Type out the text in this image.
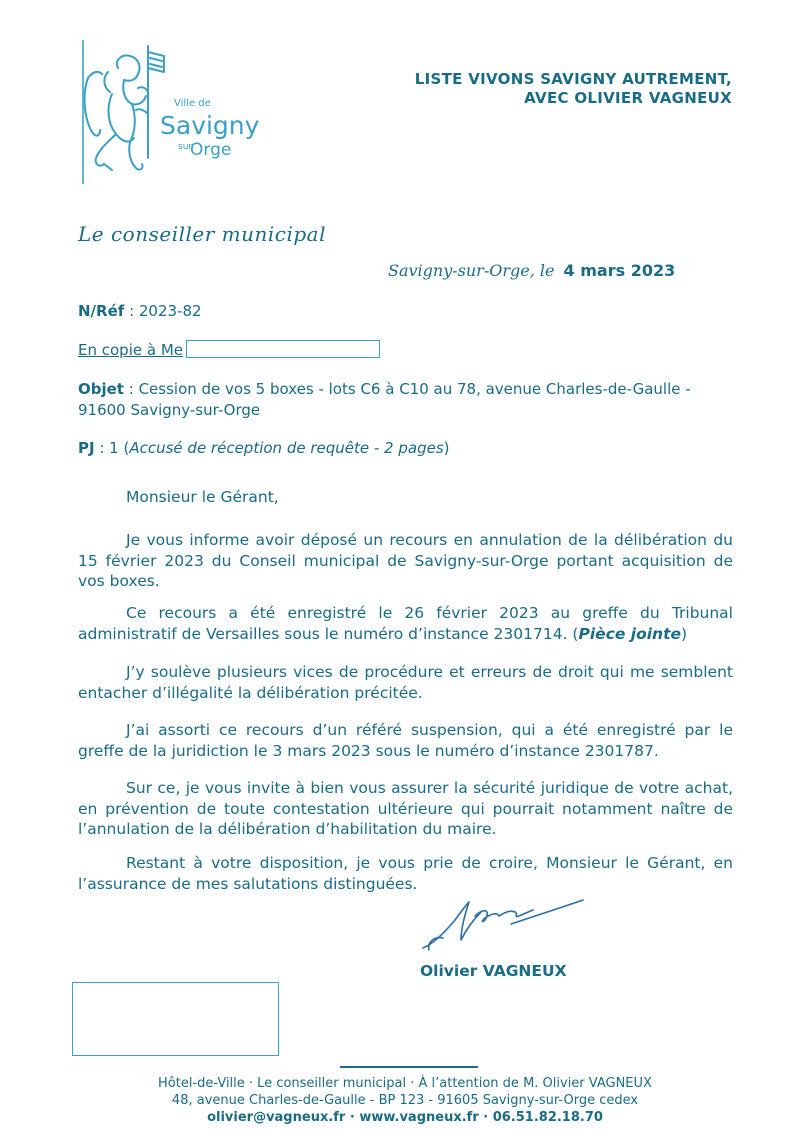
Ville de
Savigny
sur
Orge
LISTE VIVONS SAVIGNY AUTREMENT,
AVEC OLIVIER VAGNEUX
Le conseiller municipal
Savigny-sur-Orge, le 4 mars 2023
N/Réf : 2023-82
En copie à Me
Objet : Cession de vos 5 boxes - lots C6 à C10 au 78, avenue Charles-de-Gaulle - 91600 Savigny-sur-Orge
PJ : 1 (Accusé de réception de requête - 2 pages)
Monsieur le Gérant,
Je vous informe avoir déposé un recours en annulation de la délibération du 15 février 2023 du Conseil municipal de Savigny-sur-Orge portant acquisition de vos boxes.
Ce recours a été enregistré le 26 février 2023 au greffe du Tribunal administratif de Versailles sous le numéro d’instance 2301714. (Pièce jointe)
J’y soulève plusieurs vices de procédure et erreurs de droit qui me semblent entacher d’illégalité la délibération précitée.
J’ai assorti ce recours d’un référé suspension, qui a été enregistré par le greffe de la juridiction le 3 mars 2023 sous le numéro d’instance 2301787.
Sur ce, je vous invite à bien vous assurer la sécurité juridique de votre achat, en prévention de toute contestation ultérieure qui pourrait notamment naître de l’annulation de la délibération d’habilitation du maire.
Restant à votre disposition, je vous prie de croire, Monsieur le Gérant, en l’assurance de mes salutations distinguées.
Olivier VAGNEUX
Hôtel-de-Ville · Le conseiller municipal · À l’attention de M. Olivier VAGNEUX
48, avenue Charles-de-Gaulle - BP 123 - 91605 Savigny-sur-Orge cedex
olivier@vagneux.fr · www.vagneux.fr · 06.51.82.18.70
